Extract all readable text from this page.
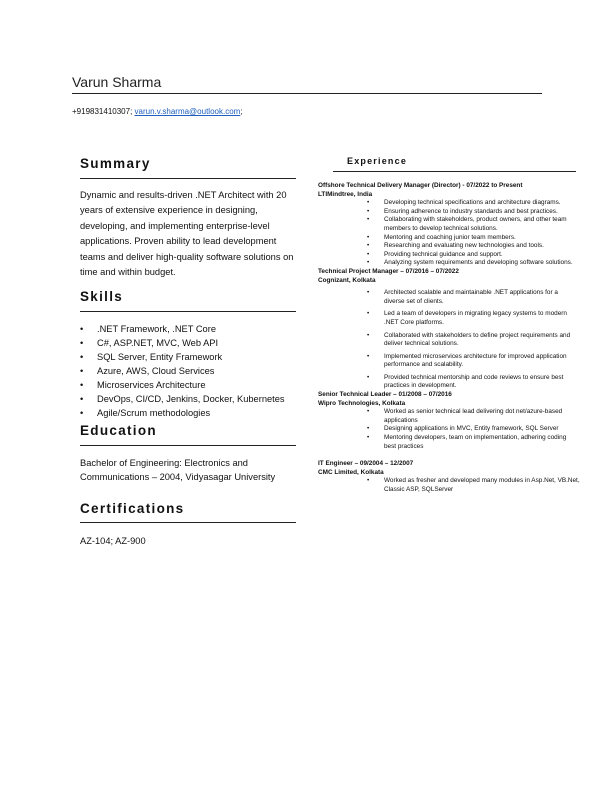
Varun Sharma
+919831410307; varun.v.sharma@outlook.com;
Summary
Dynamic and results-driven .NET Architect with 20 years of extensive experience in designing, developing, and implementing enterprise-level applications. Proven ability to lead development teams and deliver high-quality software solutions on time and within budget.
Skills
• .NET Framework, .NET Core
• C#, ASP.NET, MVC, Web API
• SQL Server, Entity Framework
• Azure, AWS, Cloud Services
• Microservices Architecture
• DevOps, CI/CD, Jenkins, Docker, Kubernetes
• Agile/Scrum methodologies
Education
Bachelor of Engineering: Electronics and Communications – 2004, Vidyasagar University
Certifications
AZ-104; AZ-900
Experience
Offshore Technical Delivery Manager (Director) - 07/2022 to Present
LTIMindtree, India
• Developing technical specifications and architecture diagrams.
• Ensuring adherence to industry standards and best practices.
• Collaborating with stakeholders, product owners, and other team members to develop technical solutions.
• Mentoring and coaching junior team members.
• Researching and evaluating new technologies and tools.
• Providing technical guidance and support.
• Analyzing system requirements and developing software solutions.
Technical Project Manager – 07/2016 – 07/2022
Cognizant, Kolkata
• Architected scalable and maintainable .NET applications for a diverse set of clients.
• Led a team of developers in migrating legacy systems to modern .NET Core platforms.
• Collaborated with stakeholders to define project requirements and deliver technical solutions.
• Implemented microservices architecture for improved application performance and scalability.
• Provided technical mentorship and code reviews to ensure best practices in development.
Senior Technical Leader – 01/2008 – 07/2016
Wipro Technologies, Kolkata
• Worked as senior technical lead delivering dot net/azure-based applications
• Designing applications in MVC, Entity framework, SQL Server
• Mentoring developers, team on implementation, adhering coding best practices
IT Engineer – 09/2004 – 12/2007
CMC Limited, Kolkata
• Worked as fresher and developed many modules in Asp.Net, VB.Net, Classic ASP, SQLServer
